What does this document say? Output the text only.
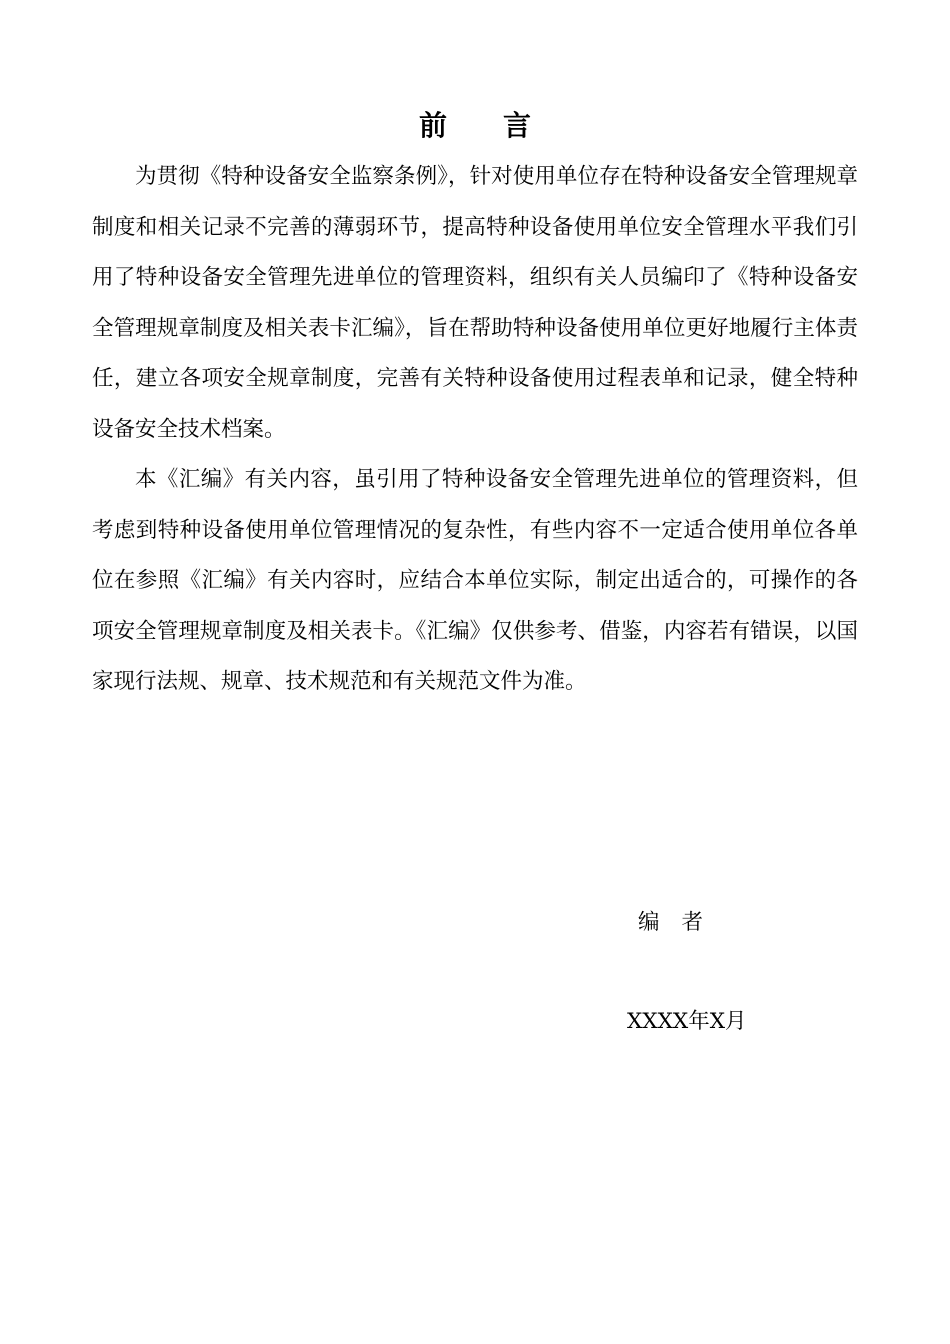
前 言

为贯彻《特种设备安全监察条例》，针对使用单位存在特种设备安全管理规章制度和相关记录不完善的薄弱环节，提高特种设备使用单位安全管理水平我们引用了特种设备安全管理先进单位的管理资料，组织有关人员编印了《特种设备安全管理规章制度及相关表卡汇编》，旨在帮助特种设备使用单位更好地履行主体责任，建立各项安全规章制度，完善有关特种设备使用过程表单和记录，健全特种设备安全技术档案。

本《汇编》有关内容，虽引用了特种设备安全管理先进单位的管理资料，但考虑到特种设备使用单位管理情况的复杂性，有些内容不一定适合使用单位各单位在参照《汇编》有关内容时，应结合本单位实际，制定出适合的，可操作的各项安全管理规章制度及相关表卡。《汇编》仅供参考、借鉴，内容若有错误，以国家现行法规、规章、技术规范和有关规范文件为准。

编 者
XXXX年X月
